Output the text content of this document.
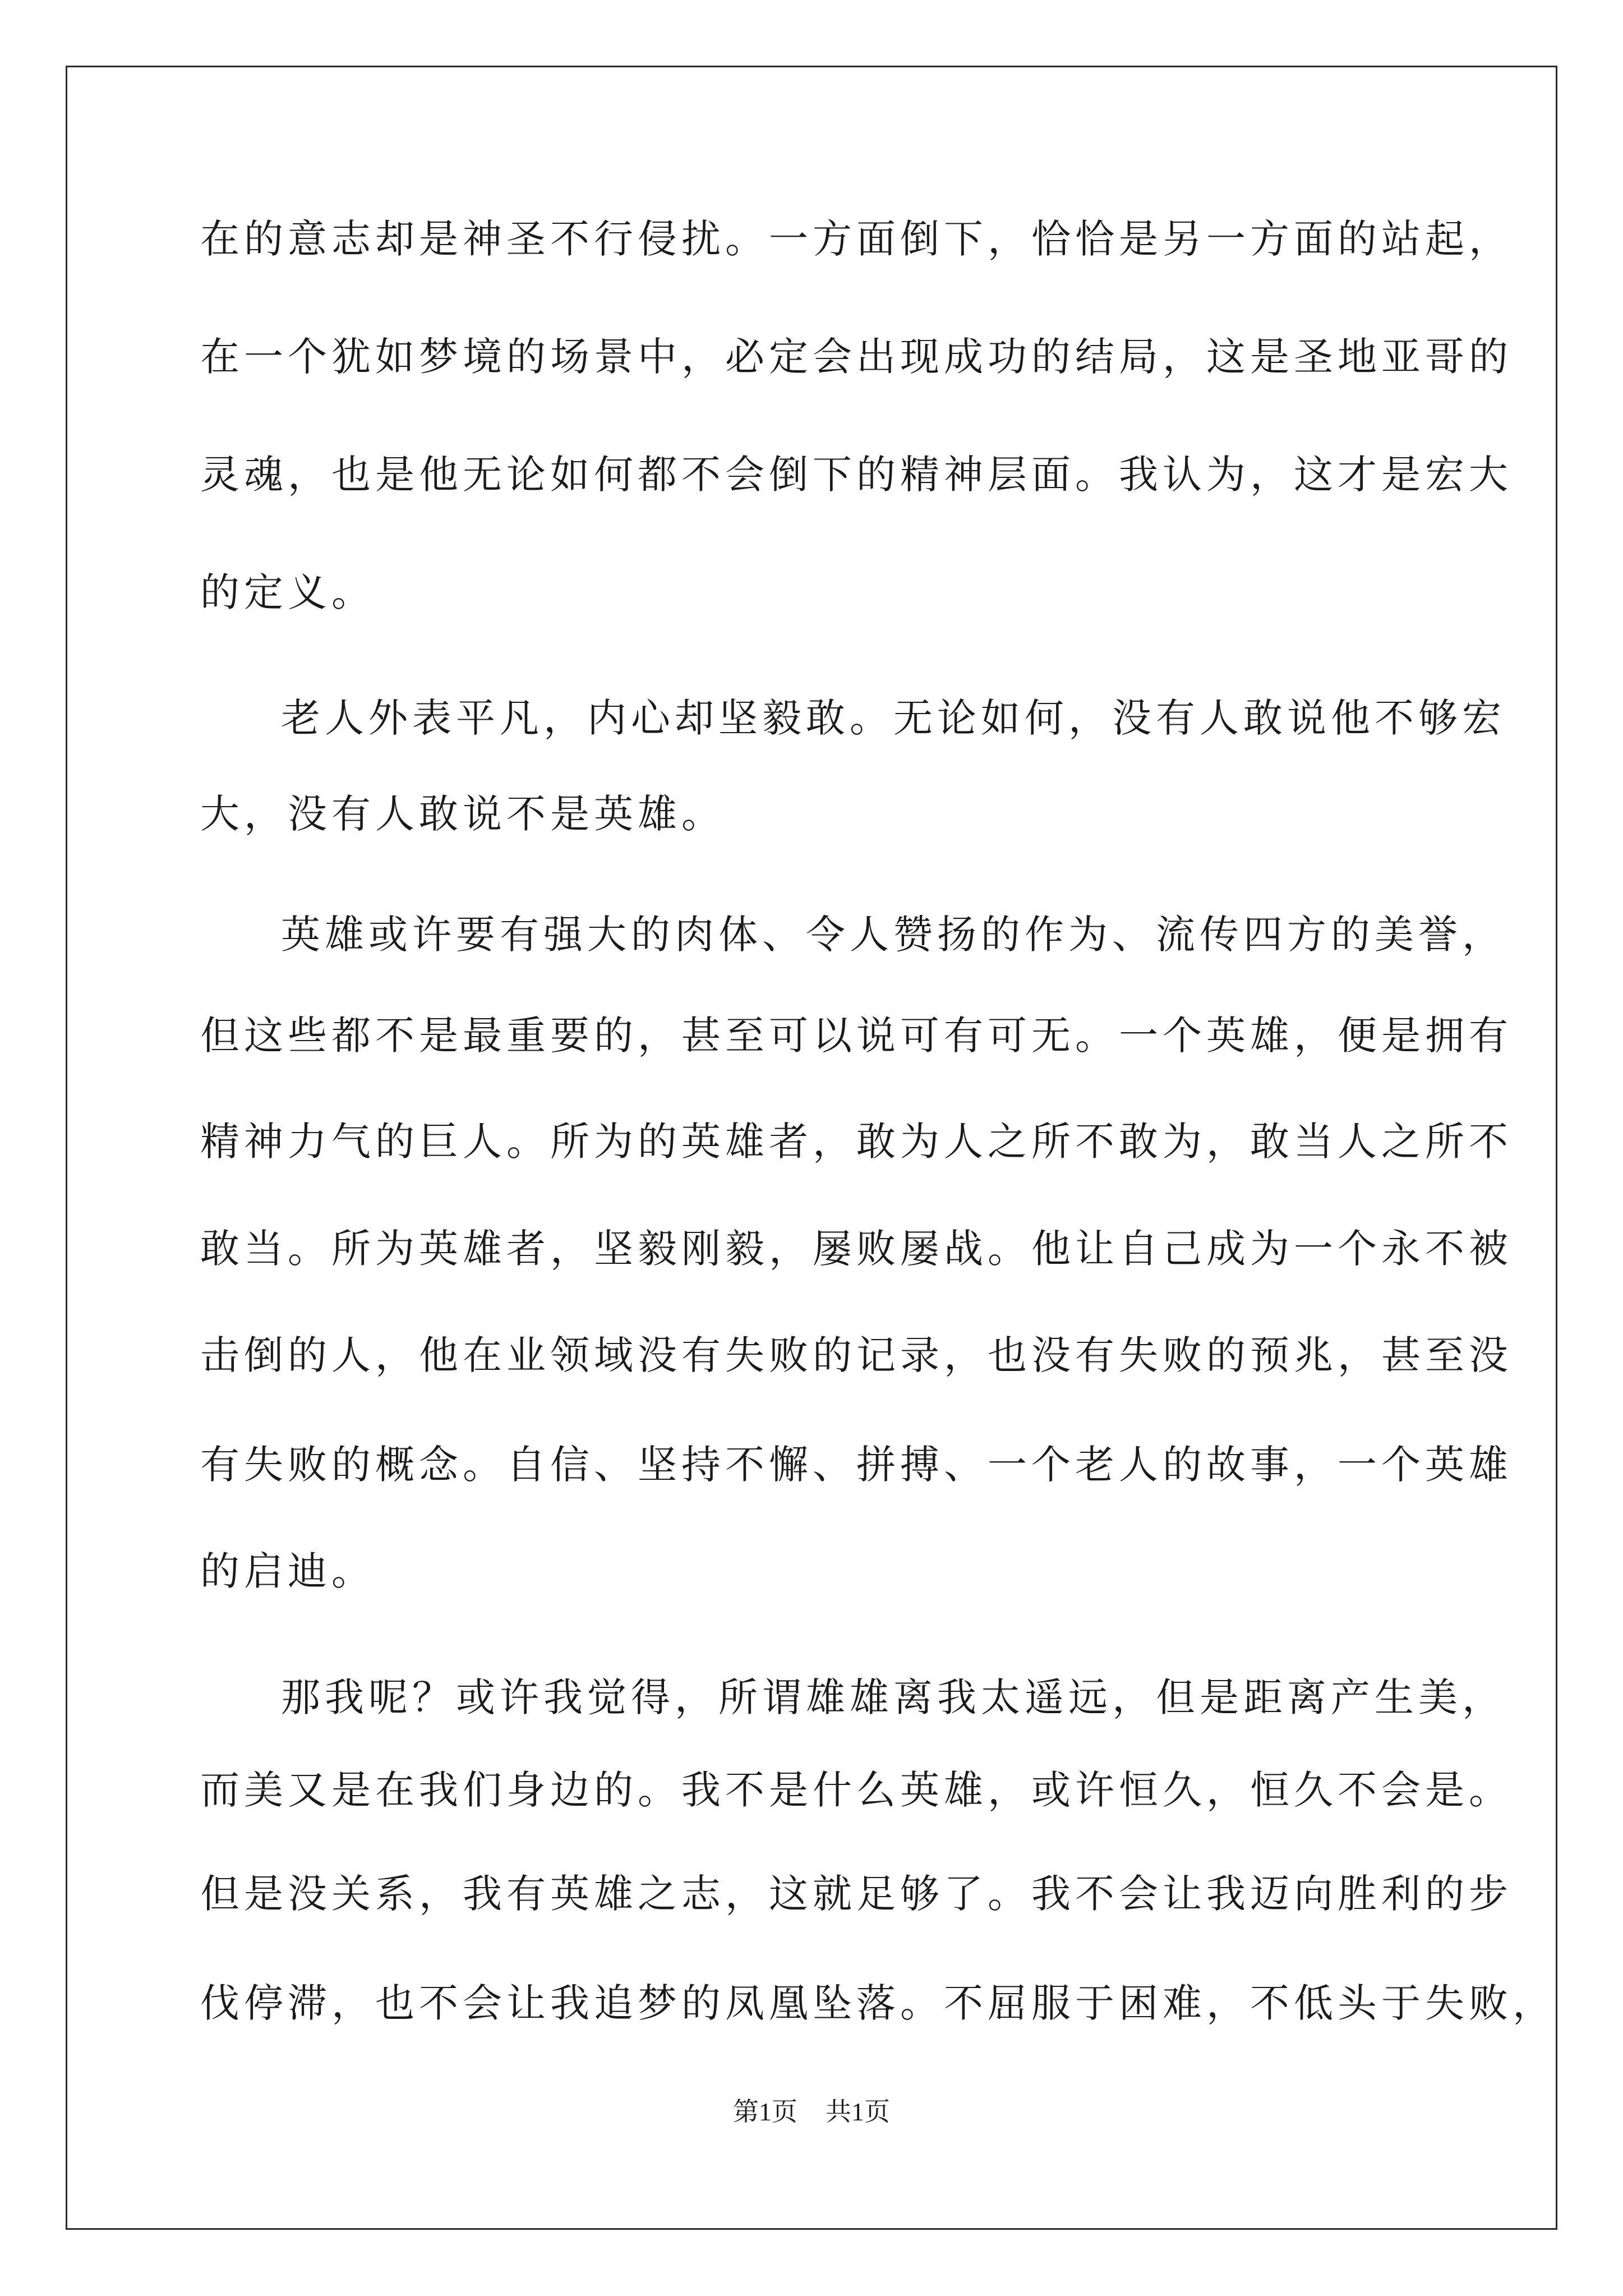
在的意志却是神圣不行侵扰。一方面倒下，恰恰是另一方面的站起，
在一个犹如梦境的场景中，必定会出现成功的结局，这是圣地亚哥的
灵魂，也是他无论如何都不会倒下的精神层面。我认为，这才是宏大
的定义。
老人外表平凡，内心却坚毅敢。无论如何，没有人敢说他不够宏
大，没有人敢说不是英雄。
英雄或许要有强大的肉体、令人赞扬的作为、流传四方的美誉，
但这些都不是最重要的，甚至可以说可有可无。一个英雄，便是拥有
精神力气的巨人。所为的英雄者，敢为人之所不敢为，敢当人之所不
敢当。所为英雄者，坚毅刚毅，屡败屡战。他让自己成为一个永不被
击倒的人，他在业领域没有失败的记录，也没有失败的预兆，甚至没
有失败的概念。自信、坚持不懈、拼搏、一个老人的故事，一个英雄
的启迪。
那我呢？或许我觉得，所谓雄雄离我太遥远，但是距离产生美，
而美又是在我们身边的。我不是什么英雄，或许恒久，恒久不会是。
但是没关系，我有英雄之志，这就足够了。我不会让我迈向胜利的步
伐停滞，也不会让我追梦的凤凰坠落。不屈服于困难，不低头于失败，
第1页 共1页
